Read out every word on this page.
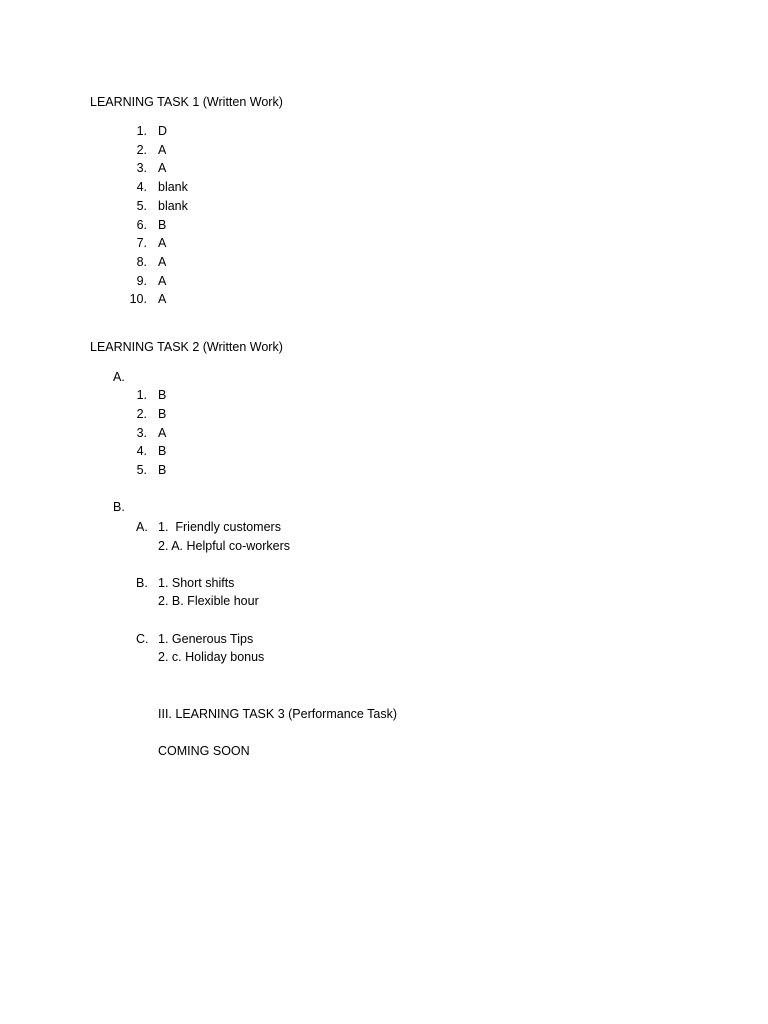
LEARNING TASK 1 (Written Work)
1. D
2. A
3. A
4. blank
5. blank
6. B
7. A
8. A
9. A
10. A
LEARNING TASK 2 (Written Work)
A.
1. B
2. B
3. A
4. B
5. B
B.
A. 1.  Friendly customers
2. A. Helpful co-workers
B. 1. Short shifts
2. B. Flexible hour
C. 1. Generous Tips
2. c. Holiday bonus
III. LEARNING TASK 3 (Performance Task)
COMING SOON
